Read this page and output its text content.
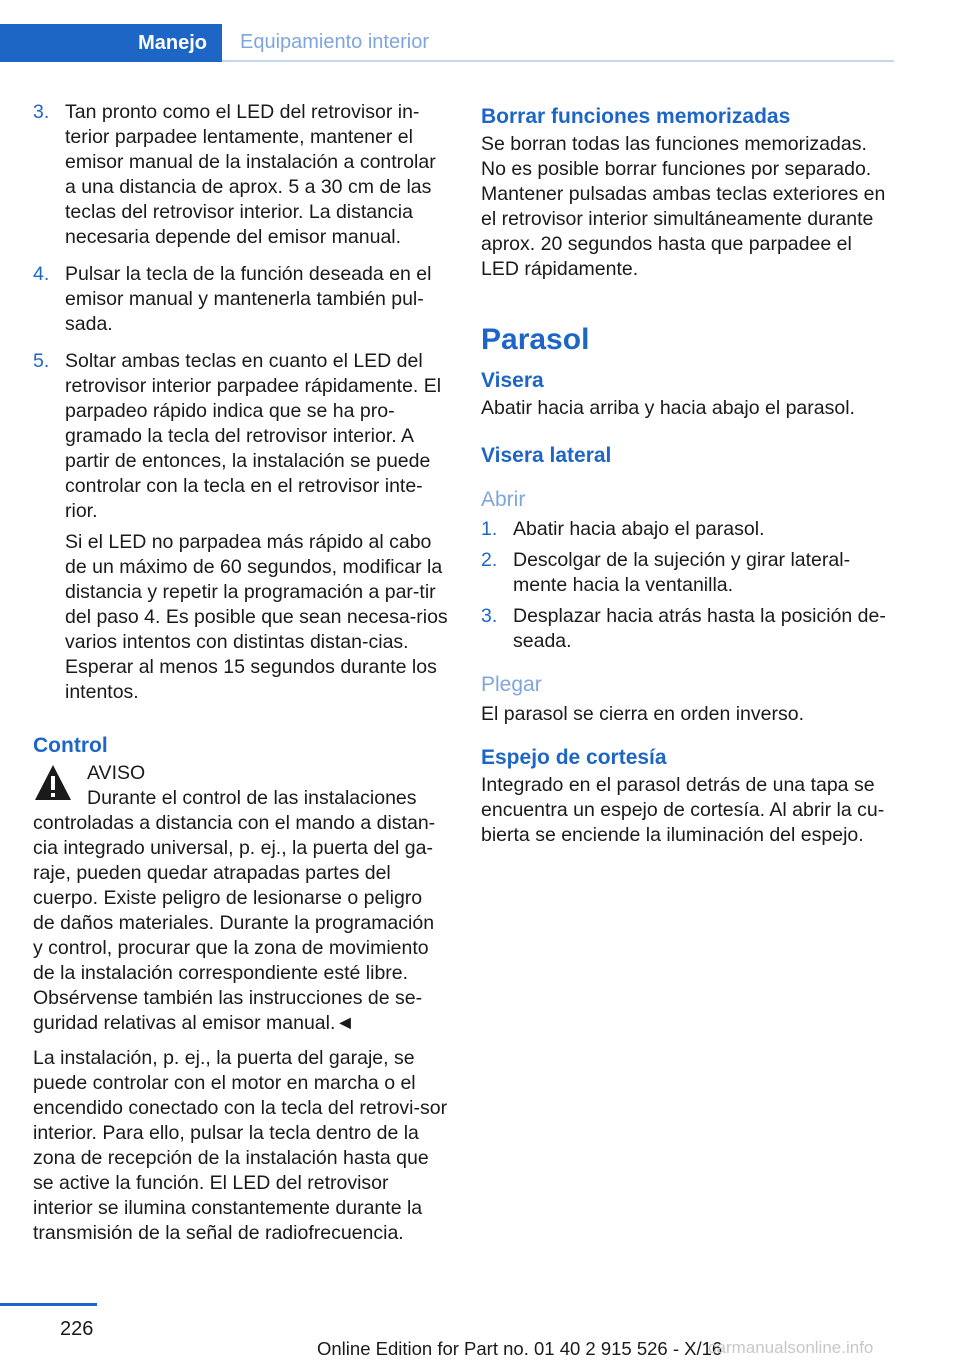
Manejo	Equipamiento interior
3. Tan pronto como el LED del retrovisor in-terior parpadee lentamente, mantener el emisor manual de la instalación a controlar a una distancia de aprox. 5 a 30 cm de las teclas del retrovisor interior. La distancia necesaria depende del emisor manual.

4. Pulsar la tecla de la función deseada en el emisor manual y mantenerla también pul-sada.

5. Soltar ambas teclas en cuanto el LED del retrovisor interior parpadee rápidamente. El parpadeo rápido indica que se ha pro-gramado la tecla del retrovisor interior. A partir de entonces, la instalación se puede controlar con la tecla en el retrovisor inte-rior.

Si el LED no parpadea más rápido al cabo de un máximo de 60 segundos, modificar la distancia y repetir la programación a par-tir del paso 4. Es posible que sean necesa-rios varios intentos con distintas distan-cias. Esperar al menos 15 segundos durante los intentos.

Control
AVISO
Durante el control de las instalaciones

controladas a distancia con el mando a distan-cia integrado universal, p. ej., la puerta del ga-raje, pueden quedar atrapadas partes del cuerpo. Existe peligro de lesionarse o peligro de daños materiales. Durante la programación y control, procurar que la zona de movimiento de la instalación correspondiente esté libre. Obsérvense también las instrucciones de se-guridad relativas al emisor manual.◄

La instalación, p. ej., la puerta del garaje, se puede controlar con el motor en marcha o el encendido conectado con la tecla del retrovi-sor interior. Para ello, pulsar la tecla dentro de la zona de recepción de la instalación hasta que se active la función. El LED del retrovisor interior se ilumina constantemente durante la transmisión de la señal de radiofrecuencia.

Borrar funciones memorizadas

Se borran todas las funciones memorizadas. No es posible borrar funciones por separado. Mantener pulsadas ambas teclas exteriores en el retrovisor interior simultáneamente durante aprox. 20 segundos hasta que parpadee el LED rápidamente.

Parasol
Visera

Abatir hacia arriba y hacia abajo el parasol.

Visera lateral
Abrir
1. Abatir hacia abajo el parasol.
2. Descolgar de la sujeción y girar lateral-mente hacia la ventanilla.
3. Desplazar hacia atrás hasta la posición de-seada.
Plegar

El parasol se cierra en orden inverso.

Espejo de cortesía

Integrado en el parasol detrás de una tapa se encuentra un espejo de cortesía. Al abrir la cu-bierta se enciende la iluminación del espejo.

226
Online Edition for Part no. 01 40 2 915 526 - X/16
carmanualsonline.info
